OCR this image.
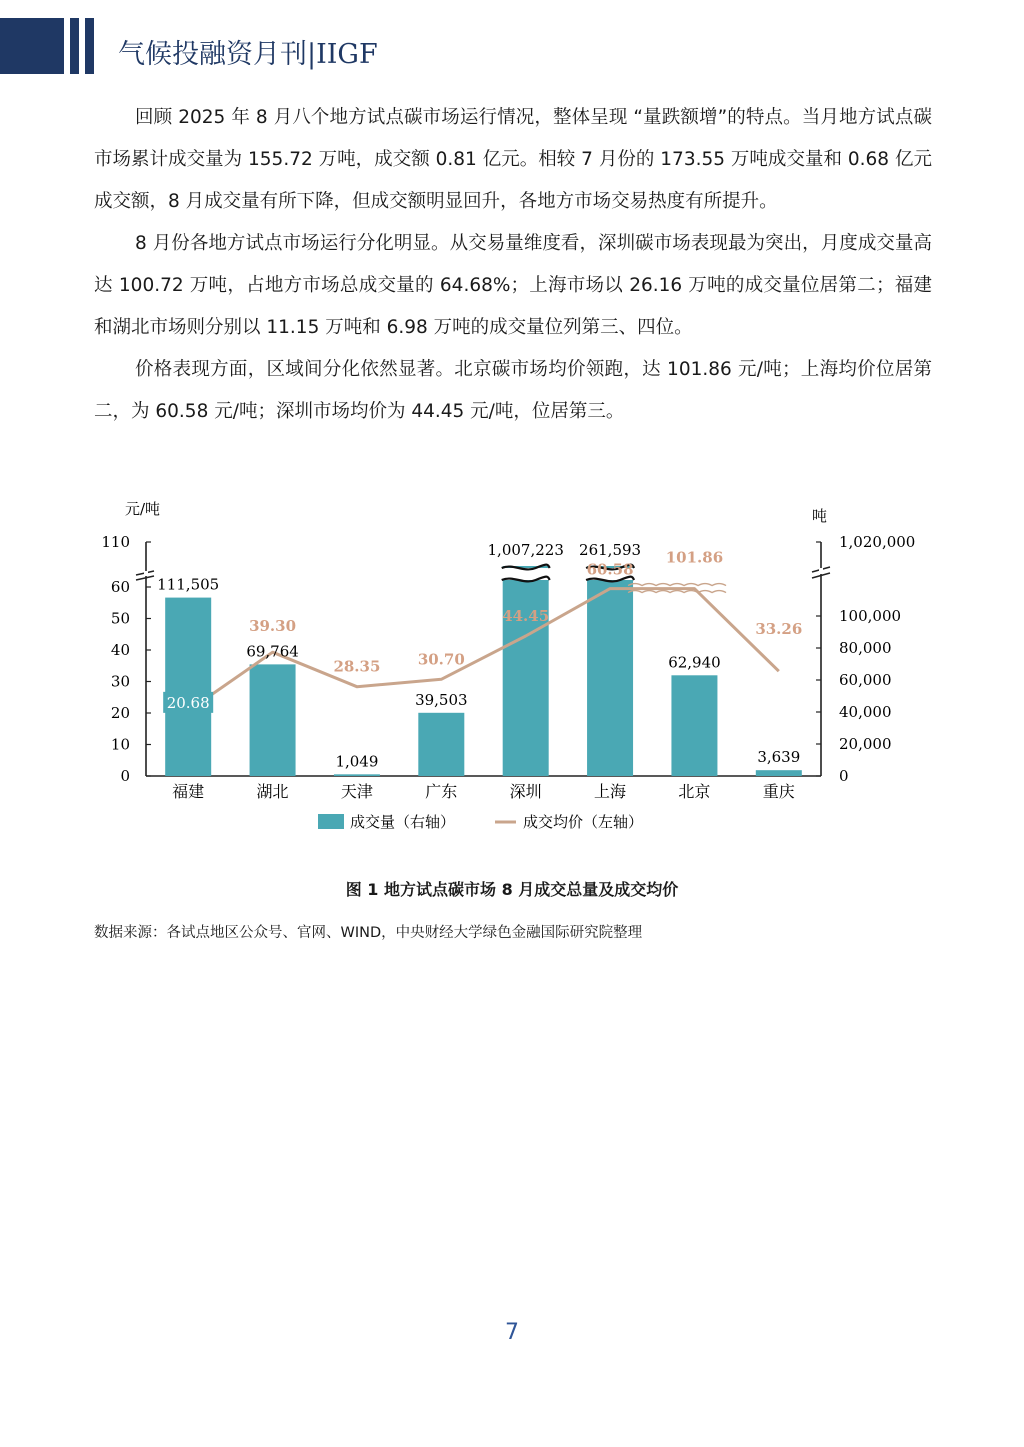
气候投融资月刊|IIGF

回顾 2025 年 8 月八个地方试点碳市场运行情况，整体呈现 “量跌额增”的特点。当月地方试点碳市场累计成交量为 155.72 万吨，成交额 0.81 亿元。相较 7 月份的 173.55 万吨成交量和 0.68 亿元成交额，8 月成交量有所下降，但成交额明显回升，各地方市场交易热度有所提升。

8 月份各地方试点市场运行分化明显。从交易量维度看，深圳碳市场表现最为突出，月度成交量高达 100.72 万吨，占地方市场总成交量的 64.68%；上海市场以 26.16 万吨的成交量位居第二；福建和湖北市场则分别以 11.15 万吨和 6.98 万吨的成交量位列第三、四位。

价格表现方面，区域间分化依然显著。北京碳市场均价领跑，达 101.86 元/吨；上海均价位居第二，为 60.58 元/吨；深圳市场均价为 44.45 元/吨，位居第三。

元/吨	吨
0
10
20
30
40
50
60
110
0
20,000
40,000
60,000
80,000
100,000
1,020,000
福建	湖北	天津	广东	深圳	上海	北京	重庆
111,505
69,764
1,049
39,503
1,007,223 261,593
62,940
3,639
20.68
39.30
28.35 30.70
44.45
60.58
101.86
33.26
成交量（右轴）	成交均价（左轴）
图 1 地方试点碳市场 8 月成交总量及成交均价
数据来源：各试点地区公众号、官网、WIND，中央财经大学绿色金融国际研究院整理
7
